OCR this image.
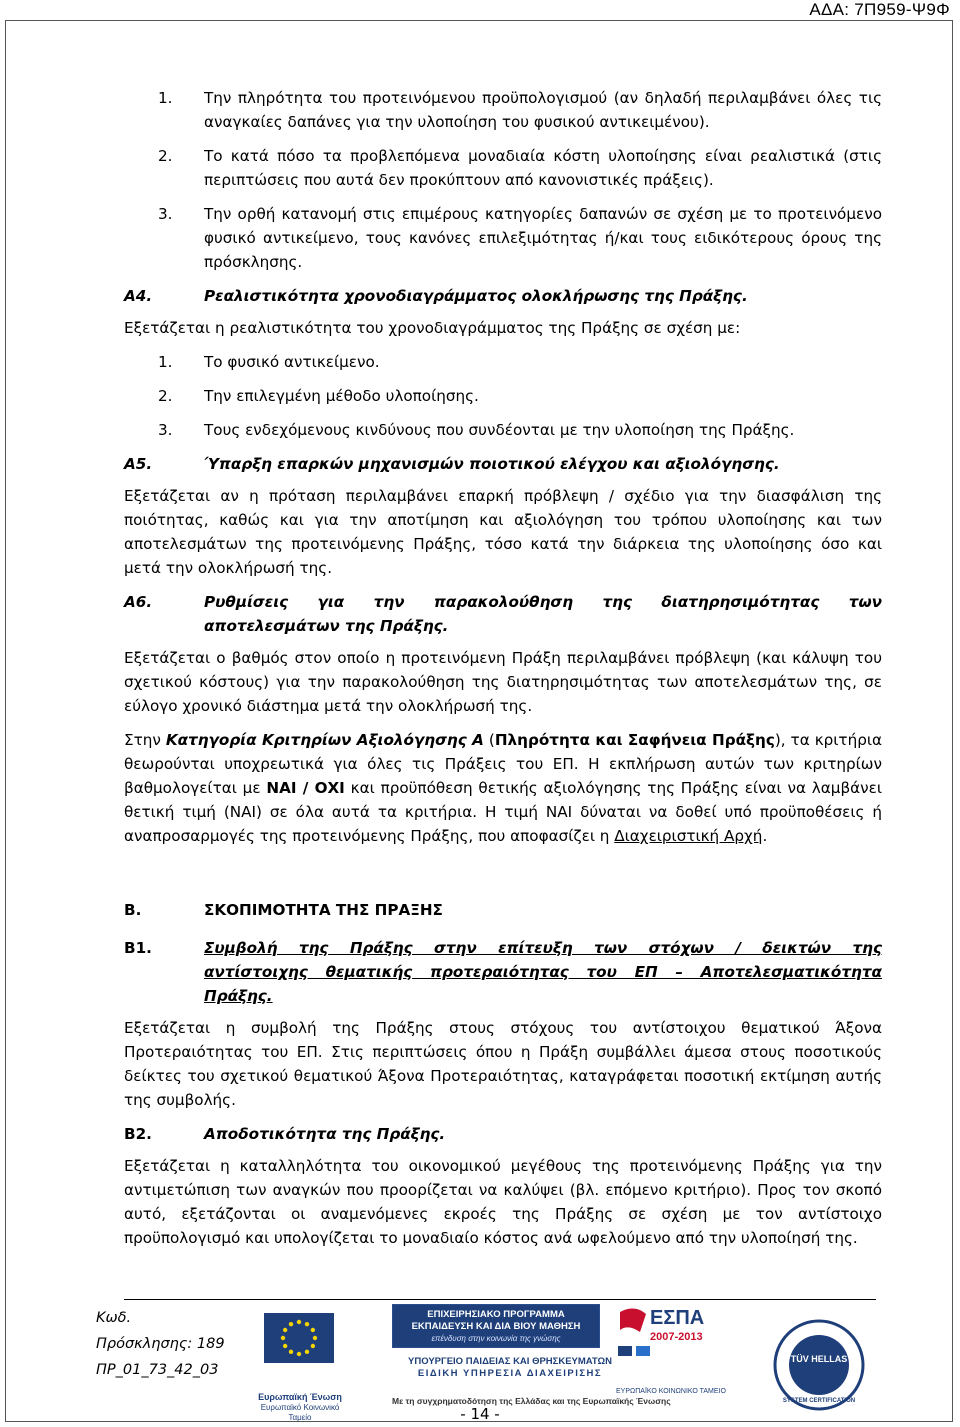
ΑΔΑ: 7Π959-Ψ9Φ
1.	Την πληρότητα του προτεινόμενου προϋπολογισμού (αν δηλαδή περιλαμβάνει όλες τις αναγκαίες δαπάνες για την υλοποίηση του φυσικού αντικειμένου).
2.	Το κατά πόσο τα προβλεπόμενα μοναδιαία κόστη υλοποίησης είναι ρεαλιστικά (στις περιπτώσεις που αυτά δεν προκύπτουν από κανονιστικές πράξεις).
3.	Την ορθή κατανομή στις επιμέρους κατηγορίες δαπανών σε σχέση με το προτεινόμενο φυσικό αντικείμενο, τους κανόνες επιλεξιμότητας ή/και τους ειδικότερους όρους της πρόσκλησης.
Α4.	Ρεαλιστικότητα χρονοδιαγράμματος ολοκλήρωσης της Πράξης.

Εξετάζεται η ρεαλιστικότητα του χρονοδιαγράμματος της Πράξης σε σχέση με:

1.	Το φυσικό αντικείμενο.
2.	Την επιλεγμένη μέθοδο υλοποίησης.
3.	Τους ενδεχόμενους κινδύνους που συνδέονται με την υλοποίηση της Πράξης.
Α5.	Ύπαρξη επαρκών μηχανισμών ποιοτικού ελέγχου και αξιολόγησης.

Εξετάζεται αν η πρόταση περιλαμβάνει επαρκή πρόβλεψη / σχέδιο για την διασφάλιση της ποιότητας, καθώς και για την αποτίμηση και αξιολόγηση του τρόπου υλοποίησης και των αποτελεσμάτων της προτεινόμενης Πράξης, τόσο κατά την διάρκεια της υλοποίησης όσο και μετά την ολοκλήρωσή της.

Α6.	Ρυθμίσεις για την παρακολούθηση της διατηρησιμότητας των
αποτελεσμάτων της Πράξης.

Εξετάζεται ο βαθμός στον οποίο η προτεινόμενη Πράξη περιλαμβάνει πρόβλεψη (και κάλυψη του σχετικού κόστους) για την παρακολούθηση της διατηρησιμότητας των αποτελεσμάτων της, σε εύλογο χρονικό διάστημα μετά την ολοκλήρωσή της.

Στην Κατηγορία Κριτηρίων Αξιολόγησης Α (Πληρότητα και Σαφήνεια Πράξης), τα κριτήρια θεωρούνται υποχρεωτικά για όλες τις Πράξεις του ΕΠ. Η εκπλήρωση αυτών των κριτηρίων βαθμολογείται με ΝΑΙ / ΟΧΙ και προϋπόθεση θετικής αξιολόγησης της Πράξης είναι να λαμβάνει θετική τιμή (ΝΑΙ) σε όλα αυτά τα κριτήρια. Η τιμή ΝΑΙ δύναται να δοθεί υπό προϋποθέσεις ή αναπροσαρμογές της προτεινόμενης Πράξης, που αποφασίζει η Διαχειριστική Αρχή.

Β.	ΣΚΟΠΙΜΟΤΗΤΑ ΤΗΣ ΠΡΑΞΗΣ
Β1.	Συμβολή της Πράξης στην επίτευξη των στόχων / δεικτών της
αντίστοιχης θεματικής προτεραιότητας του ΕΠ – Αποτελεσματικότητα
Πράξης.

Εξετάζεται η συμβολή της Πράξης στους στόχους του αντίστοιχου θεματικού Άξονα Προτεραιότητας του ΕΠ. Στις περιπτώσεις όπου η Πράξη συμβάλλει άμεσα στους ποσοτικούς δείκτες του σχετικού θεματικού Άξονα Προτεραιότητας, καταγράφεται ποσοτική εκτίμηση αυτής της συμβολής.

Β2.	Αποδοτικότητα της Πράξης.

Εξετάζεται η καταλληλότητα του οικονομικού μεγέθους της προτεινόμενης Πράξης για την αντιμετώπιση των αναγκών που προορίζεται να καλύψει (βλ. επόμενο κριτήριο). Προς τον σκοπό αυτό, εξετάζονται οι αναμενόμενες εκροές της Πράξης σε σχέση με τον αντίστοιχο προϋπολογισμό και υπολογίζεται το μοναδιαίο κόστος ανά ωφελούμενο από την υλοποίησή της.

Κωδ.
Πρόσκλησης: 189
ΠΡ_01_73_42_03
Ευρωπαϊκή Ένωση
Ευρωπαϊκό Κοινωνικό Ταμείο
ΕΠΙΧΕΙΡΗΣΙΑΚΟ ΠΡΟΓΡΑΜΜΑ
ΕΚΠΑΙΔΕΥΣΗ ΚΑΙ ΔΙΑ ΒΙΟΥ ΜΑΘΗΣΗ
επένδυση στην κοινωνία της γνώσης
ΥΠΟΥΡΓΕΙΟ ΠΑΙΔΕΙΑΣ ΚΑΙ ΘΡΗΣΚΕΥΜΑΤΩΝ
ΕΙΔΙΚΗ ΥΠΗΡΕΣΙΑ ΔΙΑΧΕΙΡΙΣΗΣ
Με τη συγχρηματοδότηση της Ελλάδας και της Ευρωπαϊκής Ένωσης
ΕΣΠΑ
2007-2013
ΕΥΡΩΠΑΪΚΟ ΚΟΙΝΩΝΙΚΟ ΤΑΜΕΙΟ
TÜV HELLAS
SYSTEM CERTIFICATION
- 14 -
